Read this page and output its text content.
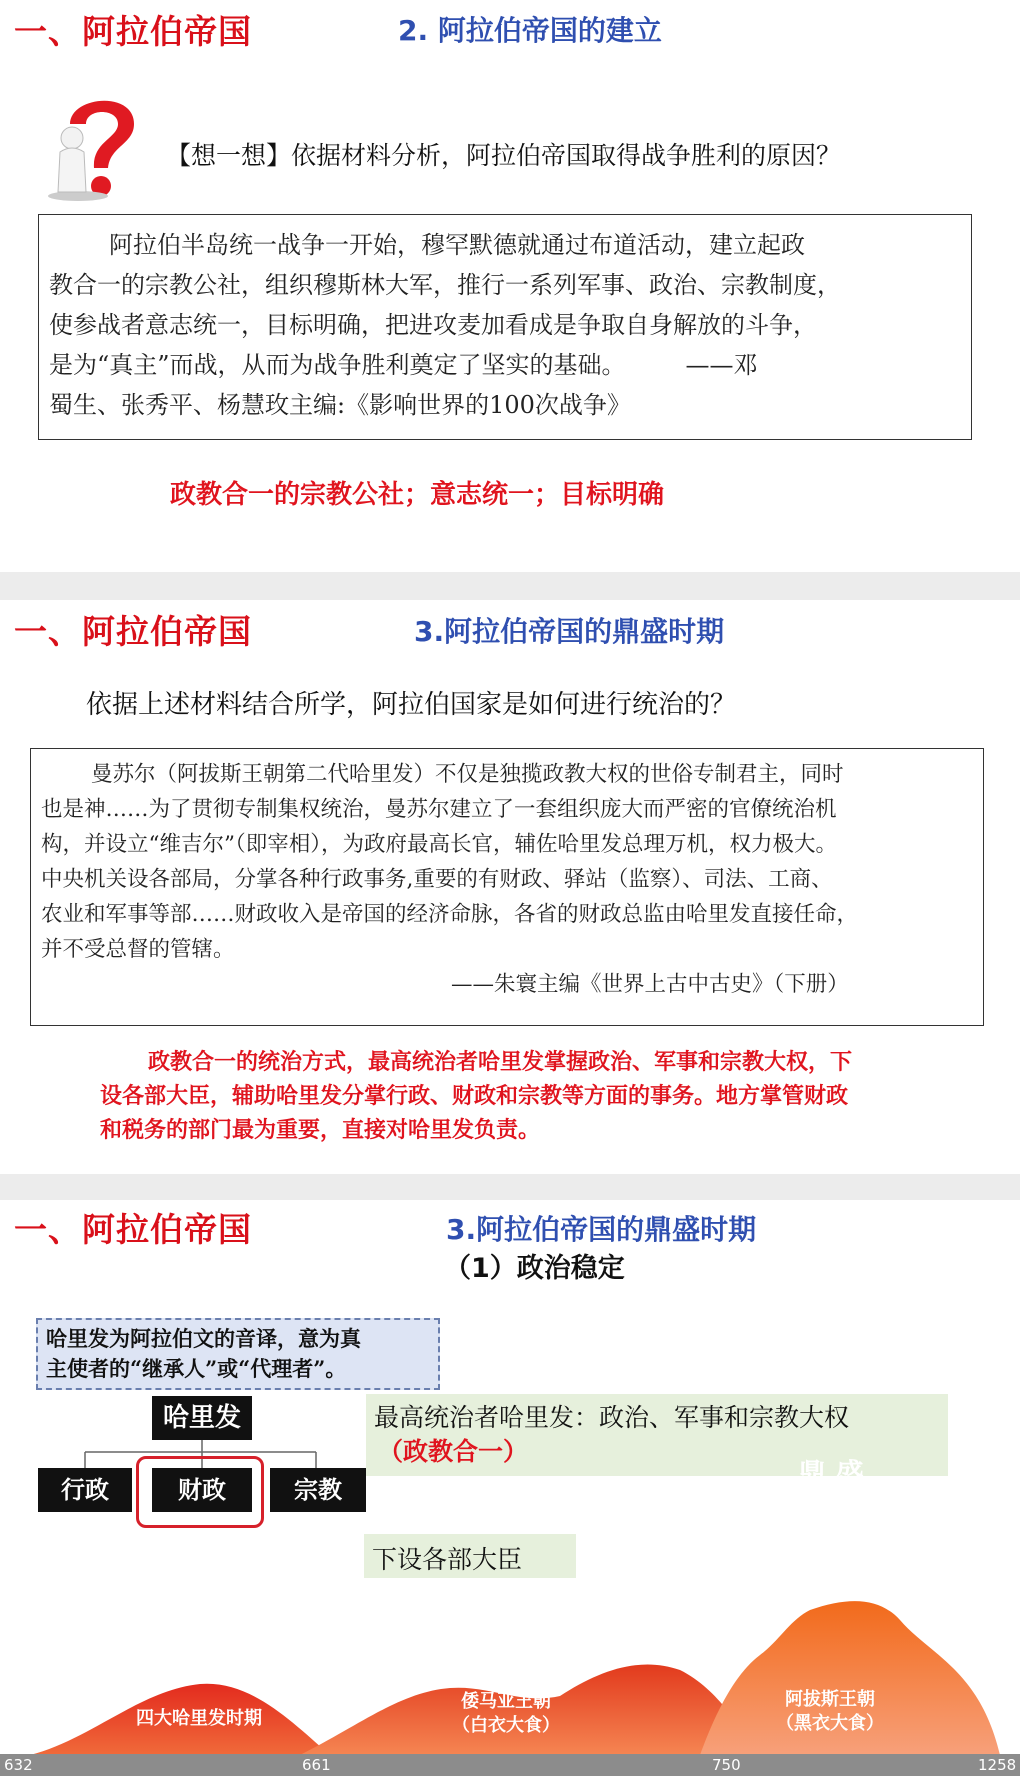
一、阿拉伯帝国	2. 阿拉伯帝国的建立
【想一想】依据材料分析，阿拉伯帝国取得战争胜利的原因？

阿拉伯半岛统一战争一开始，穆罕默德就通过布道活动，建立起政

教合一的宗教公社，组织穆斯林大军，推行一系列军事、政治、宗教制度，

使参战者意志统一，目标明确，把进攻麦加看成是争取自身解放的斗争，

是为“真主”而战，从而为战争胜利奠定了坚实的基础。　　　——邓

蜀生、张秀平、杨慧玫主编:《影响世界的100次战争》

政教合一的宗教公社；意志统一；目标明确
一、阿拉伯帝国	3.阿拉伯帝国的鼎盛时期
依据上述材料结合所学，阿拉伯国家是如何进行统治的？

曼苏尔（阿拔斯王朝第二代哈里发）不仅是独揽政教大权的世俗专制君主，同时

也是神……为了贯彻专制集权统治，曼苏尔建立了一套组织庞大而严密的官僚统治机

构，并设立“维吉尔”（即宰相），为政府最高长官，辅佐哈里发总理万机，权力极大。

中央机关设各部局，分掌各种行政事务,重要的有财政、驿站（监察）、司法、工商、

农业和军事等部……财政收入是帝国的经济命脉，各省的财政总监由哈里发直接任命，

并不受总督的管辖。

——朱寰主编《世界上古中古史》（下册）

政教合一的统治方式，最高统治者哈里发掌握政治、军事和宗教大权，下
设各部大臣，辅助哈里发分掌行政、财政和宗教等方面的事务。地方掌管财政
和税务的部门最为重要，直接对哈里发负责。
一、阿拉伯帝国	3.阿拉伯帝国的鼎盛时期
（1）政治稳定
哈里发为阿拉伯文的音译，意为真
主使者的“继承人”或“代理者”。
哈里发
行政	财政	宗教
最高统治者哈里发：政治、军事和宗教大权
（政教合一）
下设各部大臣
鼎 盛
四大哈里发时期
倭马亚王朝
（白衣大食）
阿拔斯王朝
（黑衣大食）
632	661	750	1258
